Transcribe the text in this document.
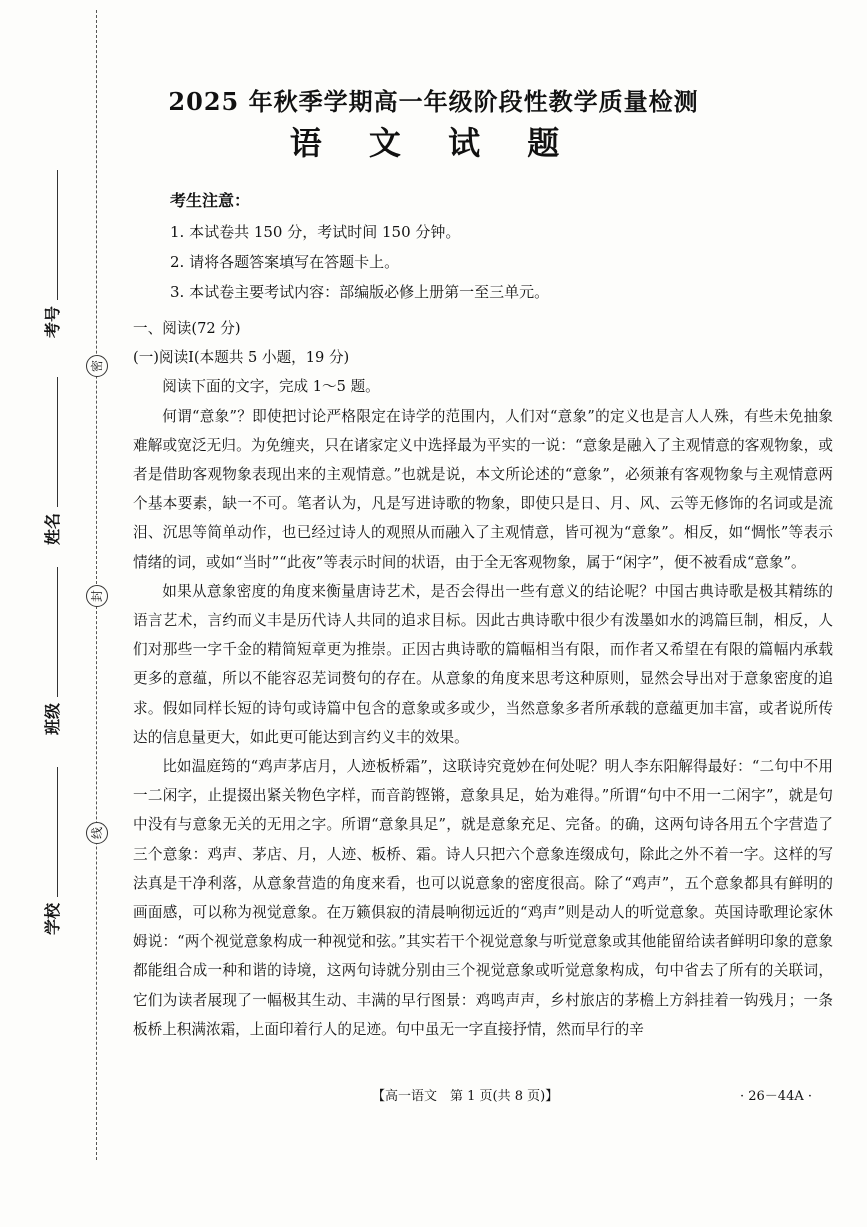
考号
姓名
班级
学校
密
封
线
2025 年秋季学期高一年级阶段性教学质量检测
语 文 试 题
考生注意：

1. 本试卷共 150 分，考试时间 150 分钟。

2. 请将各题答案填写在答题卡上。

3. 本试卷主要考试内容：部编版必修上册第一至三单元。

一、阅读(72 分)

(一)阅读Ⅰ(本题共 5 小题，19 分)

阅读下面的文字，完成 1～5 题。

何谓“意象”？即使把讨论严格限定在诗学的范围内，人们对“意象”的定义也是言人人殊，有些未免抽象难解或宽泛无归。为免缠夹，只在诸家定义中选择最为平实的一说：“意象是融入了主观情意的客观物象，或者是借助客观物象表现出来的主观情意。”也就是说，本文所论述的“意象”，必须兼有客观物象与主观情意两个基本要素，缺一不可。笔者认为，凡是写进诗歌的物象，即使只是日、月、风、云等无修饰的名词或是流泪、沉思等简单动作，也已经过诗人的观照从而融入了主观情意，皆可视为“意象”。相反，如“惆怅”等表示情绪的词，或如“当时”“此夜”等表示时间的状语，由于全无客观物象，属于“闲字”，便不被看成“意象”。

如果从意象密度的角度来衡量唐诗艺术，是否会得出一些有意义的结论呢？中国古典诗歌是极其精练的语言艺术，言约而义丰是历代诗人共同的追求目标。因此古典诗歌中很少有泼墨如水的鸿篇巨制，相反，人们对那些一字千金的精简短章更为推崇。正因古典诗歌的篇幅相当有限，而作者又希望在有限的篇幅内承载更多的意蕴，所以不能容忍芜词赘句的存在。从意象的角度来思考这种原则，显然会导出对于意象密度的追求。假如同样长短的诗句或诗篇中包含的意象或多或少，当然意象多者所承载的意蕴更加丰富，或者说所传达的信息量更大，如此更可能达到言约义丰的效果。

比如温庭筠的“鸡声茅店月，人迹板桥霜”，这联诗究竟妙在何处呢？明人李东阳解得最好：“二句中不用一二闲字，止提掇出紧关物色字样，而音韵铿锵，意象具足，始为难得。”所谓“句中不用一二闲字”，就是句中没有与意象无关的无用之字。所谓“意象具足”，就是意象充足、完备。的确，这两句诗各用五个字营造了三个意象：鸡声、茅店、月，人迹、板桥、霜。诗人只把六个意象连缀成句，除此之外不着一字。这样的写法真是干净利落，从意象营造的角度来看，也可以说意象的密度很高。除了“鸡声”，五个意象都具有鲜明的画面感，可以称为视觉意象。在万籁俱寂的清晨响彻远近的“鸡声”则是动人的听觉意象。英国诗歌理论家休姆说：“两个视觉意象构成一种视觉和弦。”其实若干个视觉意象与听觉意象或其他能留给读者鲜明印象的意象都能组合成一种和谐的诗境，这两句诗就分别由三个视觉意象或听觉意象构成，句中省去了所有的关联词，它们为读者展现了一幅极其生动、丰满的早行图景：鸡鸣声声，乡村旅店的茅檐上方斜挂着一钩残月；一条板桥上积满浓霜，上面印着行人的足迹。句中虽无一字直接抒情，然而早行的辛

【高一语文　第 1 页(共 8 页)】	· 26－44A ·
